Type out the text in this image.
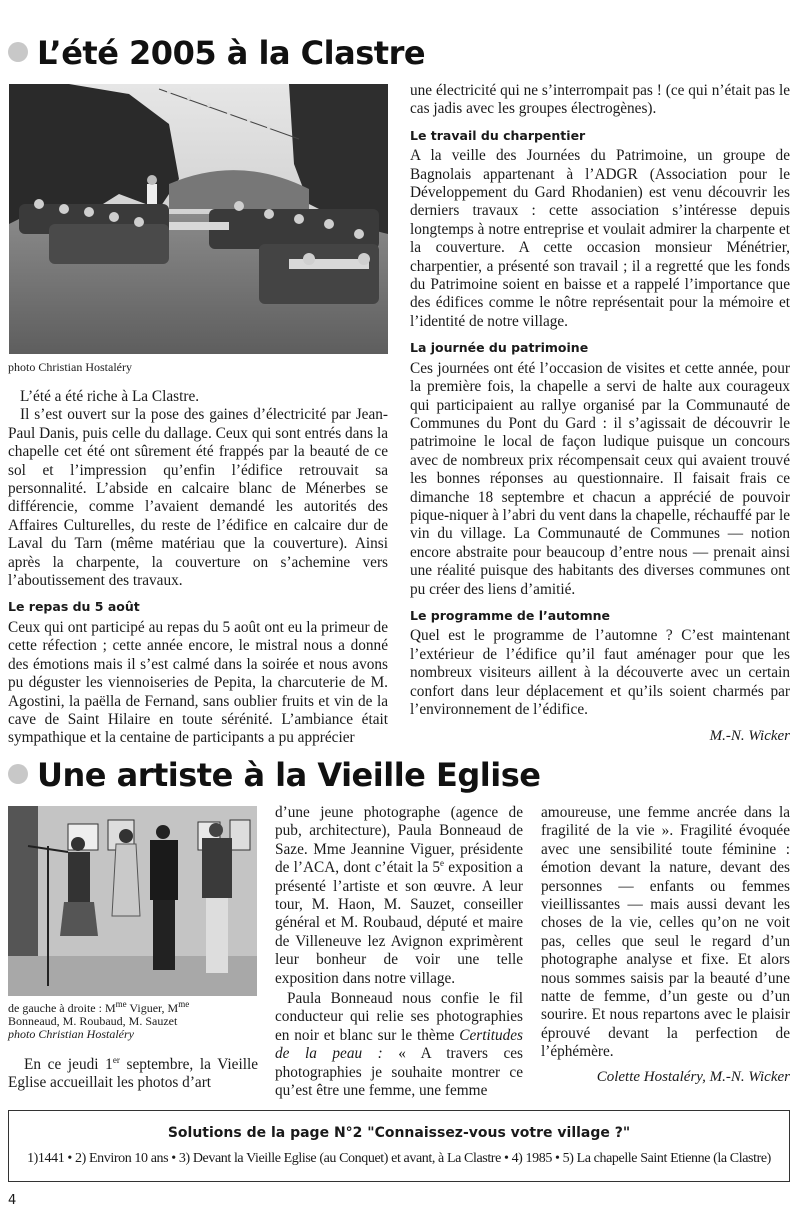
L’été 2005 à la Clastre
photo Christian Hostaléry

L’été a été riche à La Clastre.

Il s’est ouvert sur la pose des gaines d’électricité par Jean-Paul Danis, puis celle du dallage. Ceux qui sont entrés dans la chapelle cet été ont sûrement été frappés par la beauté de ce sol et l’impression qu’enfin l’édifice retrouvait sa personnalité. L’abside en calcaire blanc de Ménerbes se différencie, comme l’avaient demandé les autorités des Affaires Culturelles, du reste de l’édifice en calcaire dur de Laval du Tarn (même matériau que la couverture). Ainsi après la charpente, la couverture on s’achemine vers l’aboutissement des travaux.

Le repas du 5 août

Ceux qui ont participé au repas du 5 août ont eu la primeur de cette réfection ; cette année encore, le mistral nous a donné des émotions mais il s’est calmé dans la soirée et nous avons pu déguster les viennoiseries de Pepita, la charcuterie de M. Agostini, la paëlla de Fernand, sans oublier fruits et vin de la cave de Saint Hilaire en toute sérénité. L’ambiance était sympathique et la centaine de participants a pu apprécier

une électricité qui ne s’interrompait pas ! (ce qui n’était pas le cas jadis avec les groupes électrogènes).

Le travail du charpentier

A la veille des Journées du Patrimoine, un groupe de Bagnolais appartenant à l’ADGR (Association pour le Développement du Gard Rhodanien) est venu découvrir les derniers travaux : cette association s’intéresse depuis longtemps à notre entreprise et voulait admirer la charpente et la couverture. A cette occasion monsieur Ménétrier, charpentier, a présenté son travail ; il a regretté que les fonds du Patrimoine soient en baisse et a rappelé l’importance que des édifices comme le nôtre représentait pour la mémoire et l’identité de notre village.

La journée du patrimoine

Ces journées ont été l’occasion de visites et cette année, pour la première fois, la chapelle a servi de halte aux courageux qui participaient au rallye organisé par la Communauté de Communes du Pont du Gard : il s’agissait de découvrir le patrimoine le local de façon ludique puisque un concours avec de nombreux prix récompensait ceux qui avaient trouvé les bonnes réponses au questionnaire. Il faisait frais ce dimanche 18 septembre et chacun a apprécié de pouvoir pique-niquer à l’abri du vent dans la chapelle, réchauffé par le vin du village. La Communauté de Communes — notion encore abstraite pour beaucoup d’entre nous — prenait ainsi une réalité puisque des habitants des diverses communes ont pu créer des liens d’amitié.

Le programme de l’automne

Quel est le programme de l’automne ? C’est maintenant l’extérieur de l’édifice qu’il faut aménager pour que les nombreux visiteurs aillent à la découverte avec un certain confort dans leur déplacement et qu’ils soient charmés par l’environnement de l’édifice.

M.-N. Wicker
Une artiste à la Vieille Eglise
de gauche à droite : $M^{me}$ Viguer, $M^{me}$
Bonneaud, M. Roubaud, M. Sauzet
photo Christian Hostaléry

En ce jeudi 1er septembre, la Vieille Eglise accueillait les photos d’art

d’une jeune photographe (agence de pub, architecture), Paula Bonneaud de Saze. Mme Jeannine Viguer, présidente de l’ACA, dont c’était la 5e exposition a présenté l’artiste et son œuvre. A leur tour, M. Haon, M. Sauzet, conseiller général et M. Roubaud, député et maire de Villeneuve lez Avignon exprimèrent leur bonheur de voir une telle exposition dans notre village.

Paula Bonneaud nous confie le fil conducteur qui relie ses photographies en noir et blanc sur le thème Certitudes de la peau : « A travers ces photographies je souhaite montrer ce qu’est être une femme, une femme

amoureuse, une femme ancrée dans la fragilité de la vie ». Fragilité évoquée avec une sensibilité toute féminine : émotion devant la nature, devant des personnes — enfants ou femmes vieillissantes — mais aussi devant les choses de la vie, celles qu’on ne voit pas, celles que seul le regard d’un photographe analyse et fixe. Et alors nous sommes saisis par la beauté d’une natte de femme, d’un geste ou d’un sourire. Et nous repartons avec le plaisir éprouvé devant la perfection de l’éphémère.

Colette Hostaléry, M.-N. Wicker
Solutions de la page N°2 "Connaissez-vous votre village ?"
1)1441 • 2) Environ 10 ans • 3) Devant la Vieille Eglise (au Conquet) et avant, à La Clastre • 4) 1985 • 5) La chapelle Saint Etienne (la Clastre)
4
